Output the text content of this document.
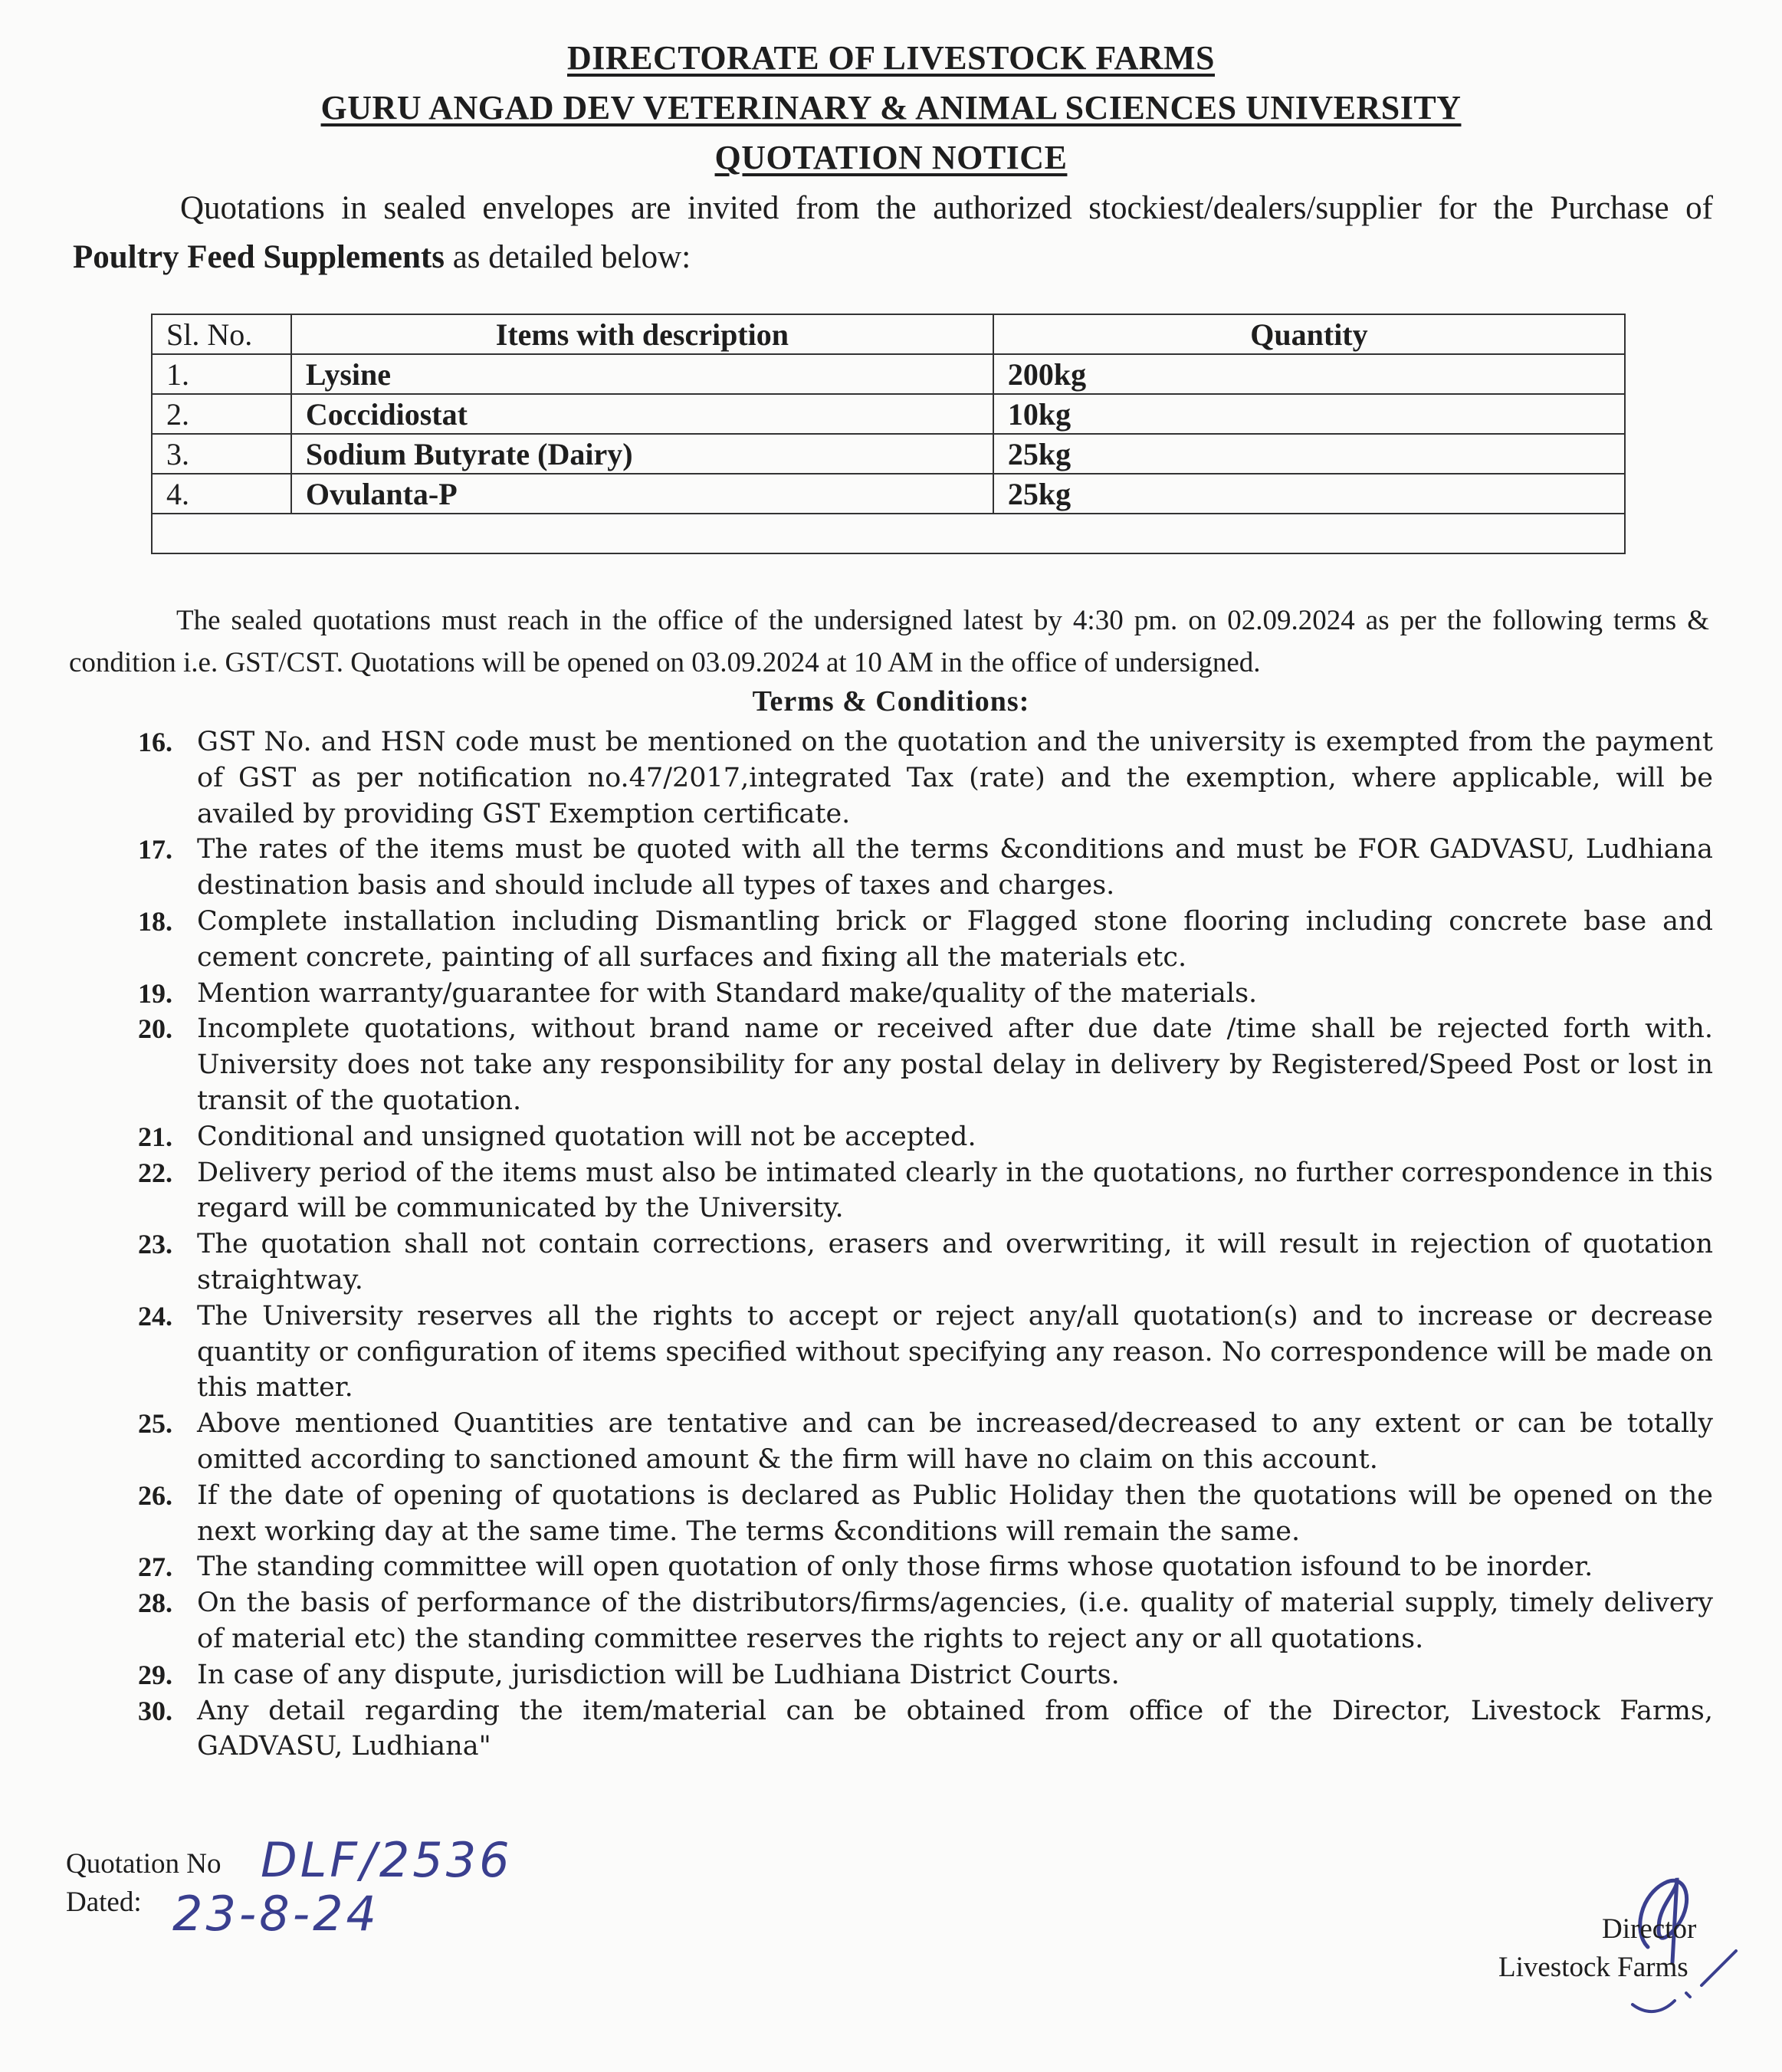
DIRECTORATE OF LIVESTOCK FARMS
GURU ANGAD DEV VETERINARY & ANIMAL SCIENCES UNIVERSITY
QUOTATION NOTICE
Quotations in sealed envelopes are invited from the authorized stockiest/dealers/supplier for the Purchase of Poultry Feed Supplements as detailed below:
Sl. No.	Items with description	Quantity
1.	Lysine	200kg
2.	Coccidiostat	10kg
3.	Sodium Butyrate (Dairy)	25kg
4.	Ovulanta-P	25kg

The sealed quotations must reach in the office of the undersigned latest by 4:30 pm. on 02.09.2024 as per the following terms & condition i.e. GST/CST. Quotations will be opened on 03.09.2024 at 10 AM in the office of undersigned.
Terms & Conditions:
16. GST No. and HSN code must be mentioned on the quotation and the university is exempted from the payment of GST as per notification no.47/2017,integrated Tax (rate) and the exemption, where applicable, will be availed by providing GST Exemption certificate.
17. The rates of the items must be quoted with all the terms &conditions and must be FOR GADVASU, Ludhiana destination basis and should include all types of taxes and charges.
18. Complete installation including Dismantling brick or Flagged stone flooring including concrete base and cement concrete, painting of all surfaces and fixing all the materials etc.
19. Mention warranty/guarantee for with Standard make/quality of the materials.
20. Incomplete quotations, without brand name or received after due date /time shall be rejected forth with. University does not take any responsibility for any postal delay in delivery by Registered/Speed Post or lost in transit of the quotation.
21. Conditional and unsigned quotation will not be accepted.
22. Delivery period of the items must also be intimated clearly in the quotations, no further correspondence in this regard will be communicated by the University.
23. The quotation shall not contain corrections, erasers and overwriting, it will result in rejection of quotation straightway.
24. The University reserves all the rights to accept or reject any/all quotation(s) and to increase or decrease quantity or configuration of items specified without specifying any reason. No correspondence will be made on this matter.
25. Above mentioned Quantities are tentative and can be increased/decreased to any extent or can be totally omitted according to sanctioned amount & the firm will have no claim on this account.
26. If the date of opening of quotations is declared as Public Holiday then the quotations will be opened on the next working day at the same time. The terms &conditions will remain the same.
27. The standing committee will open quotation of only those firms whose quotation isfound to be inorder.
28. On the basis of performance of the distributors/firms/agencies, (i.e. quality of material supply, timely delivery of material etc) the standing committee reserves the rights to reject any or all quotations.
29. In case of any dispute, jurisdiction will be Ludhiana District Courts.
30. Any detail regarding the item/material can be obtained from office of the Director, Livestock Farms, GADVASU, Ludhiana"
Quotation No DLF/2536
Dated: 23-8-24	Director
Livestock Farms
